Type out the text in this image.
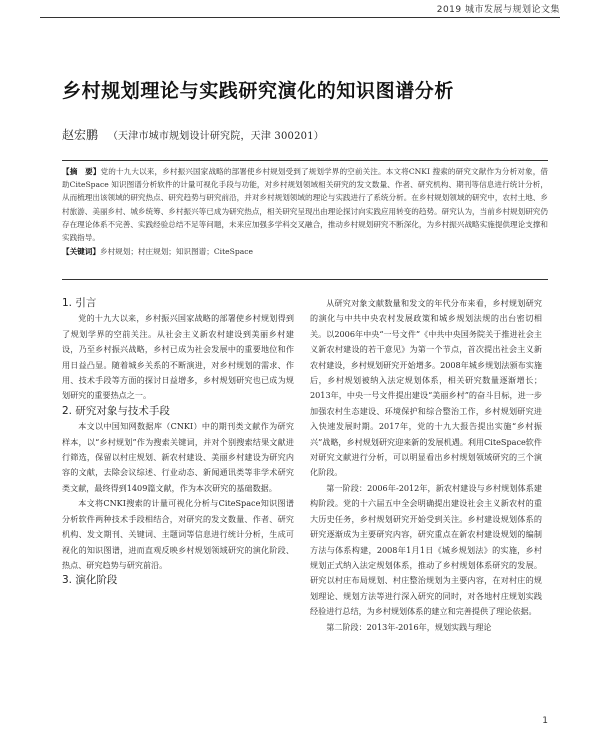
2019 城市发展与规划论文集
乡村规划理论与实践研究演化的知识图谱分析
赵宏鹏 （天津市城市规划设计研究院，天津 300201）
【摘　要】党的十九大以来，乡村振兴国家战略的部署使乡村规划受到了规划学界的空前关注。本文将CNKI 搜索的研究文献作为分析对象，借助CiteSpace 知识图谱分析软件的计量可视化手段与功能，对乡村规划领域相关研究的发文数量、作者、研究机构、期刊等信息进行统计分析，从而梳理出该领域的研究热点、研究趋势与研究前沿，并对乡村规划领域的理论与实践进行了系统分析。在乡村规划领域的研究中，农村土地、乡村旅游、美丽乡村、城乡统筹、乡村振兴等已成为研究热点，相关研究呈现出由理论探讨向实践应用转变的趋势。研究认为，当前乡村规划研究仍存在理论体系不完善、实践经验总结不足等问题，未来应加强多学科交叉融合，推动乡村规划研究不断深化，为乡村振兴战略实施提供理论支撑和实践指导。
【关键词】乡村规划；村庄规划；知识图谱；CiteSpace

1. 引言

党的十九大以来，乡村振兴国家战略的部署使乡村规划得到了规划学界的空前关注。从社会主义新农村建设到美丽乡村建设，乃至乡村振兴战略，乡村已成为社会发展中的重要地位和作用日益凸显。随着城乡关系的不断演进，对乡村规划的需求、作用、技术手段等方面的探讨日益增多，乡村规划研究也已成为规划研究的重要热点之一。

2. 研究对象与技术手段

本文以中国知网数据库（CNKI）中的期刊类文献作为研究样本，以“乡村规划”作为搜索关键词，并对个别搜索结果文献进行筛选，保留以村庄规划、新农村建设、美丽乡村建设为研究内容的文献，去除会议综述、行业动态、新闻通讯类等非学术研究类文献，最终得到1409篇文献，作为本次研究的基础数据。

本文将CNKI搜索的计量可视化分析与CiteSpace知识图谱分析软件两种技术手段相结合，对研究的发文数量、作者、研究机构、发文期刊、关键词、主题词等信息进行统计分析，生成可视化的知识图谱，进而直观反映乡村规划领域研究的演化阶段、热点、研究趋势与研究前沿。

3. 演化阶段

从研究对象文献数量和发文的年代分布来看，乡村规划研究的演化与中共中央农村发展政策和城乡规划法规的出台密切相关。以2006年中央“一号文件”《中共中央国务院关于推进社会主义新农村建设的若干意见》为第一个节点，首次提出社会主义新农村建设，乡村规划研究开始增多。2008年城乡规划法颁布实施后，乡村规划被纳入法定规划体系，相关研究数量逐渐增长；2013年，中央一号文件提出建设“美丽乡村”的奋斗目标，进一步加强农村生态建设、环境保护和综合整治工作，乡村规划研究进入快速发展时期。2017年，党的十九大报告提出实施“乡村振兴”战略，乡村规划研究迎来新的发展机遇。利用CiteSpace软件对研究文献进行分析，可以明显看出乡村规划领域研究的三个演化阶段。

第一阶段：2006年-2012年，新农村建设与乡村规划体系建构阶段。党的十六届五中全会明确提出建设社会主义新农村的重大历史任务，乡村规划研究开始受到关注。乡村建设规划体系的研究逐渐成为主要研究内容，研究重点在新农村建设规划的编制方法与体系构建，2008年1月1日《城乡规划法》的实施，乡村规划正式纳入法定规划体系，推动了乡村规划体系研究的发展。研究以村庄布局规划、村庄整治规划为主要内容，在对村庄的规划理论、规划方法等进行深入研究的同时，对各地村庄规划实践经验进行总结，为乡村规划体系的建立和完善提供了理论依据。

第二阶段：2013年-2016年，规划实践与理论

1
